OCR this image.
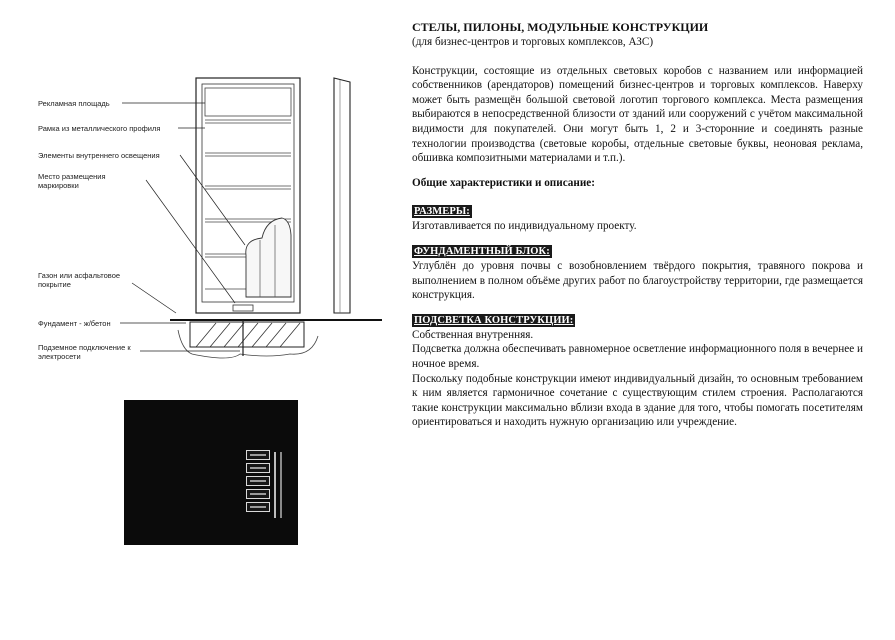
Рекламная площадь
Рамка из металлического профиля
Элементы внутреннего освещения
Место размещения маркировки
Газон или асфальтовое покрытие
Фундамент - ж/бетон
Подземное подключение к электросети
СТЕЛЫ, ПИЛОНЫ, МОДУЛЬНЫЕ КОНСТРУКЦИИ
(для бизнес-центров и торговых комплексов, АЗС)
Конструкции, состоящие из отдельных световых коробов с названием или информацией собственников (арендаторов) помещений бизнес-центров и торговых комплексов. Наверху может быть размещён большой световой логотип торгового комплекса. Места размещения выбираются в непосредственной близости от зданий или сооружений с учётом максимальной видимости для покупателей. Они могут быть 1, 2 и 3-сторонние и соединять разные технологии производства (световые коробы, отдельные световые буквы, неоновая реклама, обшивка композитными материалами и т.п.).
Общие характеристики и описание:
РАЗМЕРЫ:

Изготавливается по индивидуальному проекту.

ФУНДАМЕНТНЫЙ БЛОК:

Углублён до уровня почвы с возобновлением твёрдого покрытия, травяного покрова и выполнением в полном объёме других работ по благоустройству территории, где размещается конструкция.

ПОДСВЕТКА КОНСТРУКЦИИ:

Собственная внутренняя.

Подсветка должна обеспечивать равномерное осветление информационного поля в вечернее и ночное время.

Поскольку подобные конструкции имеют индивидуальный дизайн, то основным требованием к ним является гармоничное сочетание с существующим стилем строения. Располагаются такие конструкции максимально вблизи входа в здание для того, чтобы помогать посетителям ориентироваться и находить нужную организацию или учреждение.
